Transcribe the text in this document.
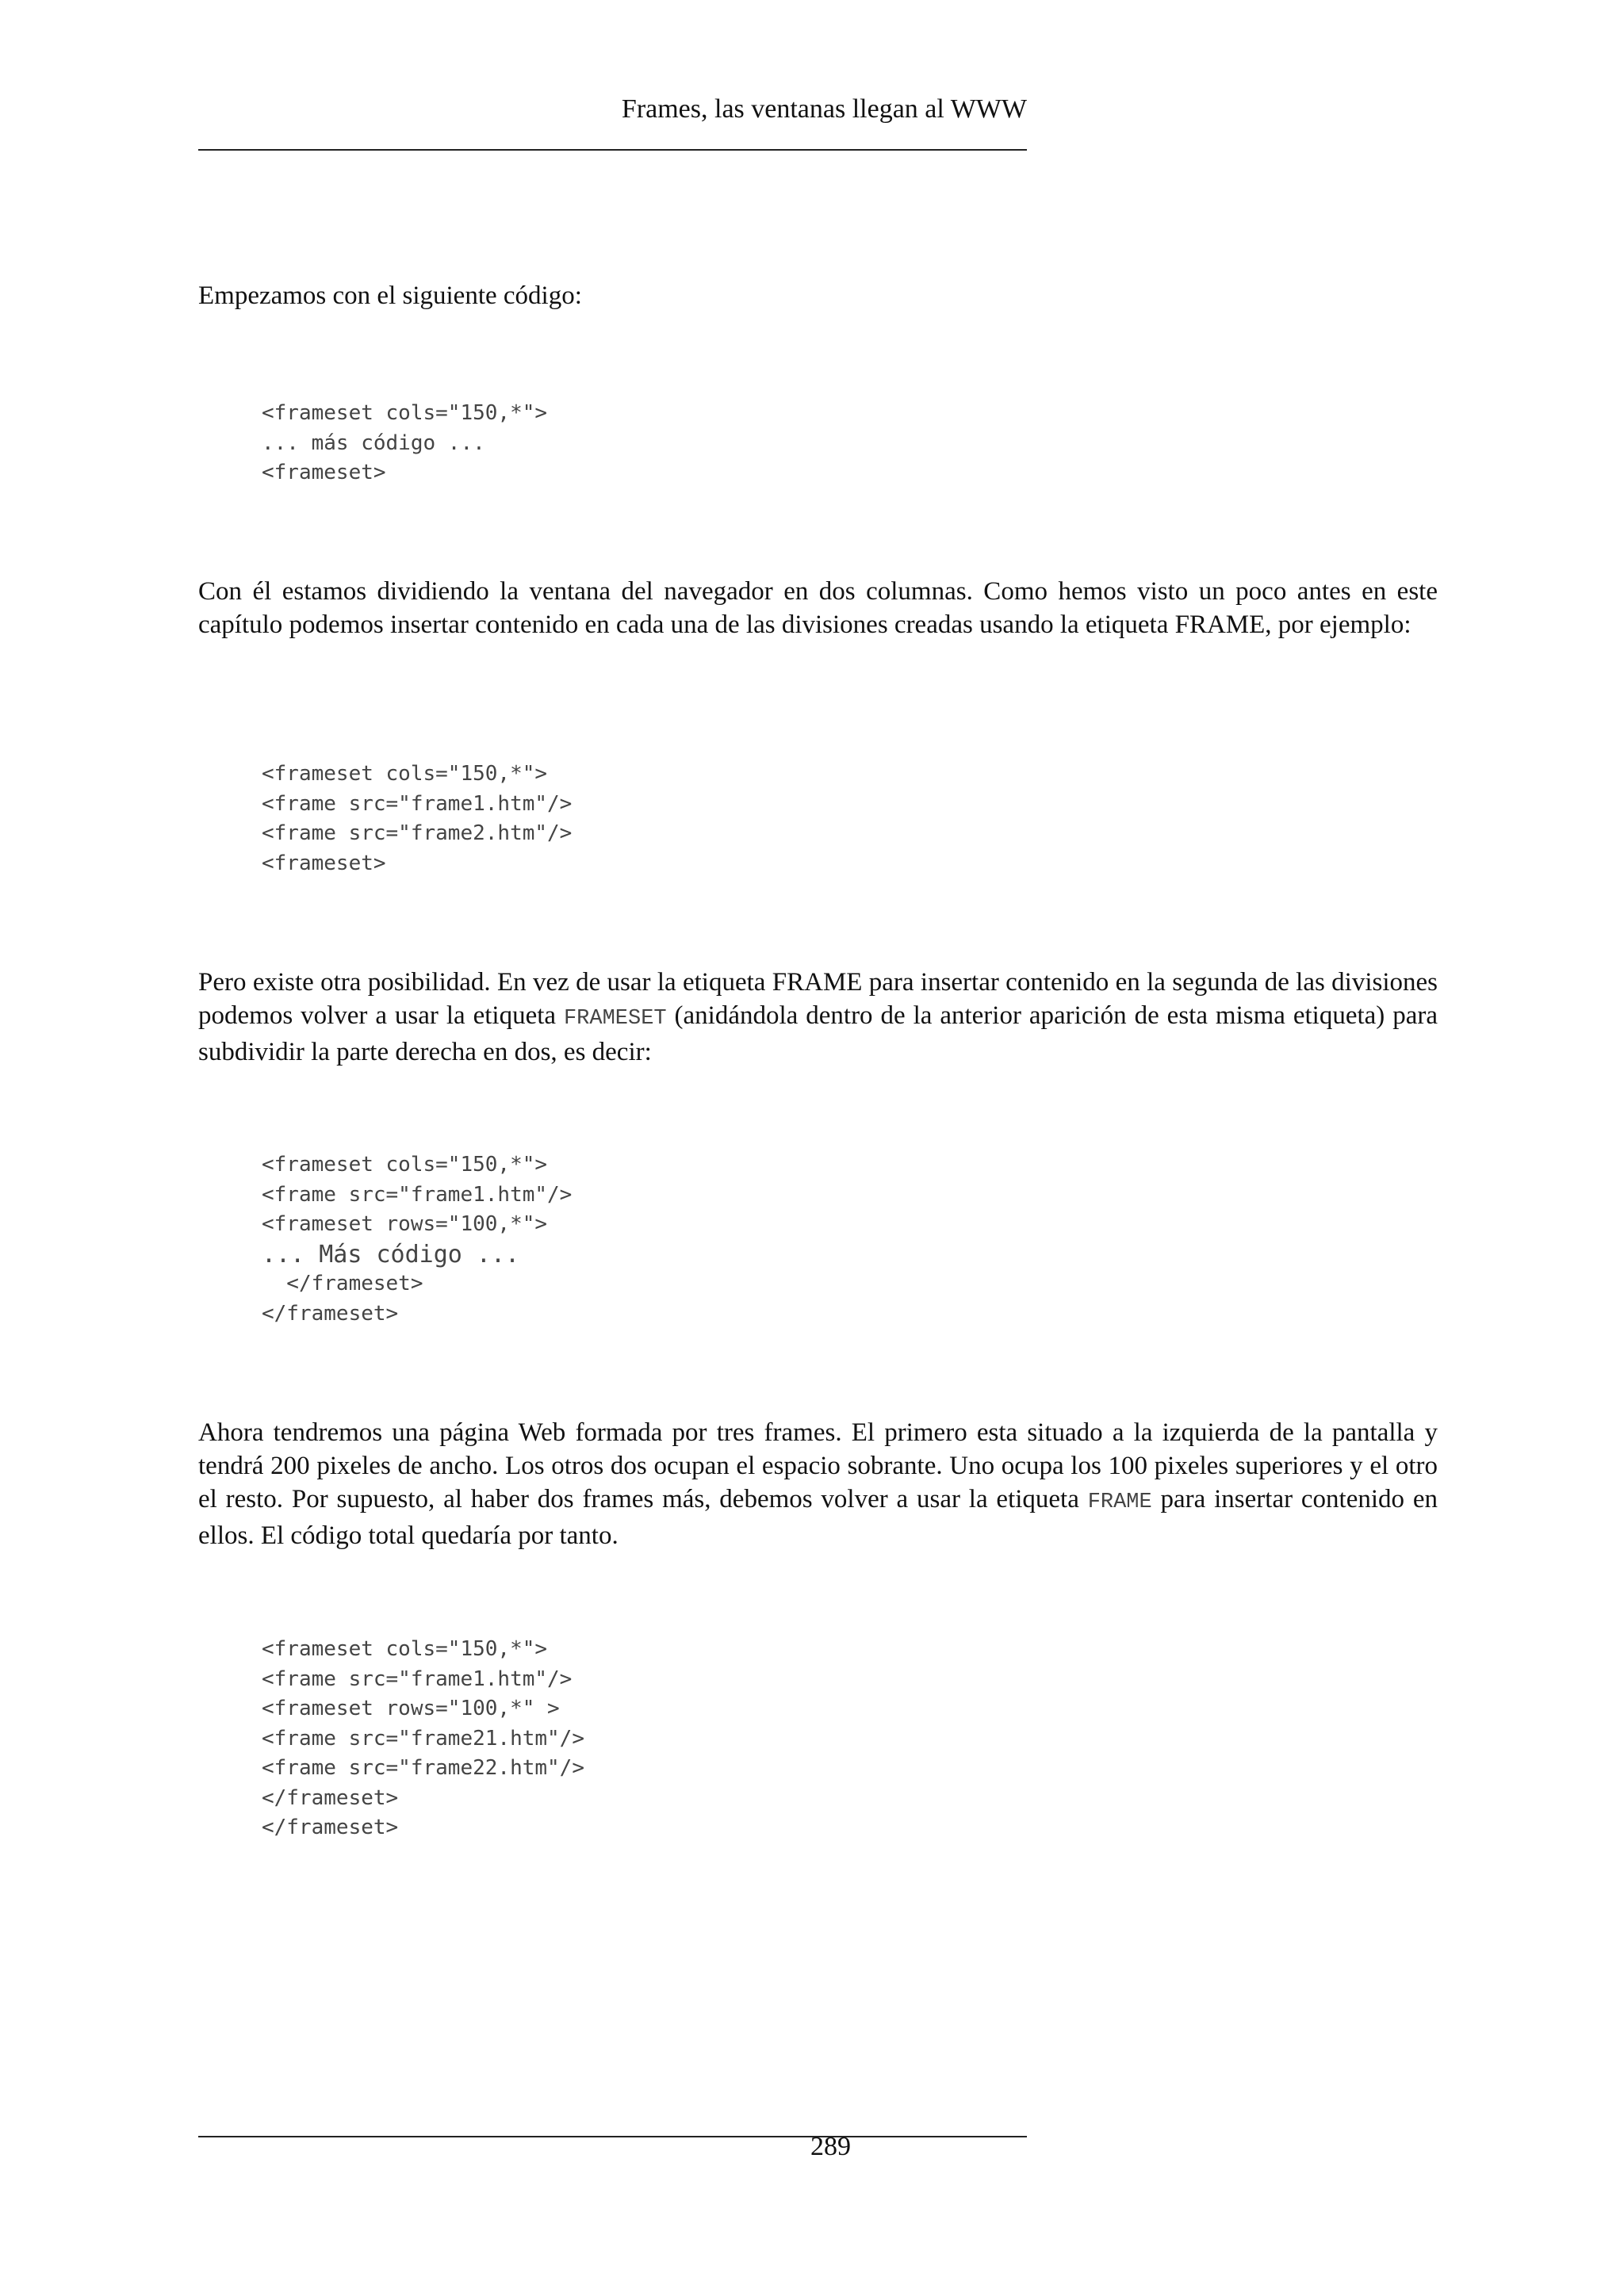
Frames, las ventanas llegan al WWW

Empezamos con el siguiente código:

<frameset cols="150,*">
... más código ...
<frameset>

Con él estamos dividiendo la ventana del navegador en dos columnas. Como hemos visto un poco antes en este capítulo podemos insertar contenido en cada una de las divisiones creadas usando la etiqueta FRAME, por ejemplo:

<frameset cols="150,*">
<frame src="frame1.htm"/>
<frame src="frame2.htm"/>
<frameset>

Pero existe otra posibilidad. En vez de usar la etiqueta FRAME para insertar contenido en la segunda de las divisiones podemos volver a usar la etiqueta FRAMESET (anidándola dentro de la anterior aparición de esta misma etiqueta) para subdividir la parte derecha en dos, es decir:

<frameset cols="150,*">
<frame src="frame1.htm"/>
<frameset rows="100,*">
... Más código ...
</frameset>
</frameset>

Ahora tendremos una página Web formada por tres frames. El primero esta situado a la izquierda de la pantalla y tendrá 200 pixeles de ancho. Los otros dos ocupan el espacio sobrante. Uno ocupa los 100 pixeles superiores y el otro el resto. Por supuesto, al haber dos frames más, debemos volver a usar la etiqueta FRAME para insertar contenido en ellos. El código total quedaría por tanto.

<frameset cols="150,*">
<frame src="frame1.htm"/>
<frameset rows="100,*" >
<frame src="frame21.htm"/>
<frame src="frame22.htm"/>
</frameset>
</frameset>
289
